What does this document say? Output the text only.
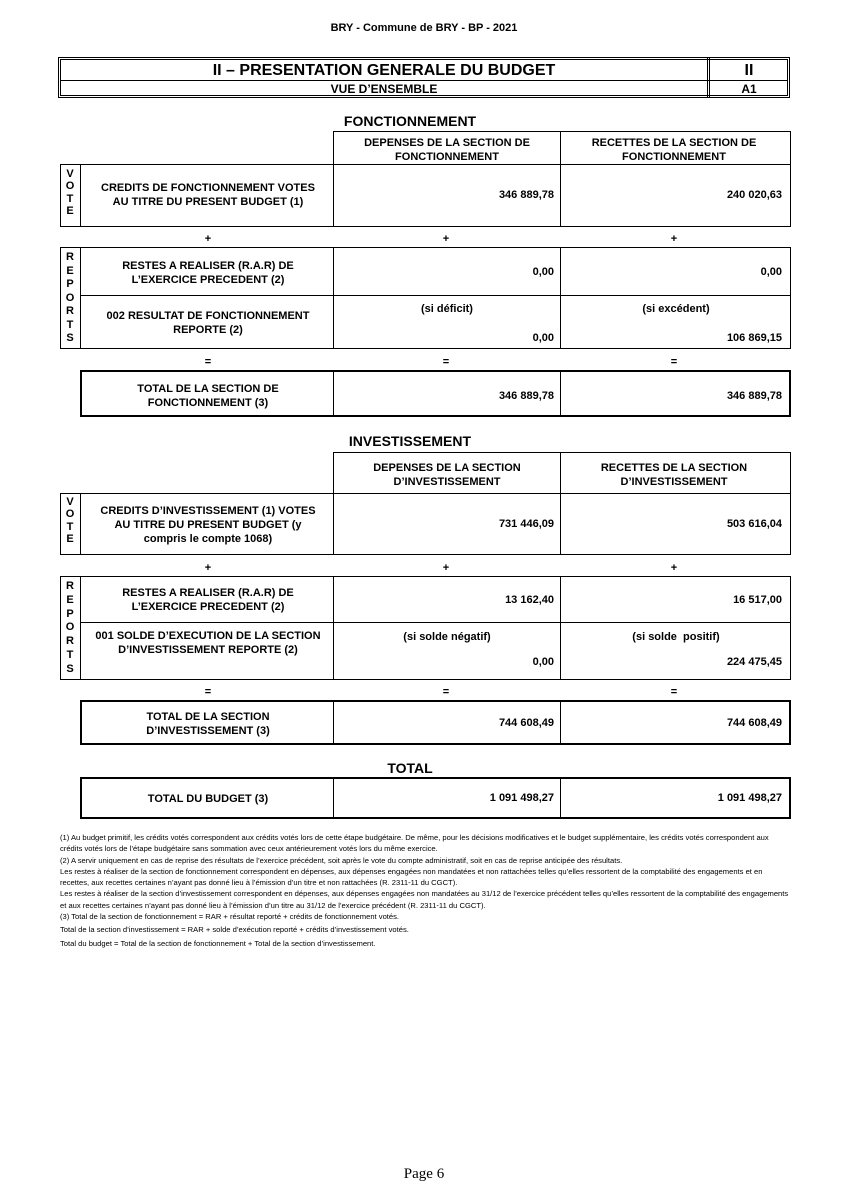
BRY - Commune de BRY - BP - 2021
II – PRESENTATION GENERALE DU BUDGET
VUE D’ENSEMBLE
II
A1
FONCTIONNEMENT
DEPENSES DE LA SECTION DE FONCTIONNEMENT
RECETTES DE LA SECTION DE FONCTIONNEMENT
V
O
T
E
CREDITS DE FONCTIONNEMENT VOTES AU TITRE DU PRESENT BUDGET (1)
346 889,78	240 020,63
+	+	+
R
E
P
O
R
T
S
RESTES A REALISER (R.A.R) DE L’EXERCICE PRECEDENT (2)
0,00	0,00
002 RESULTAT DE FONCTIONNEMENT REPORTE (2)
(si déficit)	(si excédent)
0,00	106 869,15
=	=	=
TOTAL DE LA SECTION DE FONCTIONNEMENT (3)
346 889,78	346 889,78
INVESTISSEMENT
DEPENSES DE LA SECTION D’INVESTISSEMENT
RECETTES DE LA SECTION D’INVESTISSEMENT
V
O
T
E
CREDITS D’INVESTISSEMENT (1) VOTES AU TITRE DU PRESENT BUDGET (y compris le compte 1068)
731 446,09	503 616,04
+	+	+
R
E
P
O
R
T
S
RESTES A REALISER (R.A.R) DE L’EXERCICE PRECEDENT (2)
13 162,40	16 517,00
001 SOLDE D’EXECUTION DE LA SECTION D’INVESTISSEMENT REPORTE (2)
(si solde négatif)	(si solde  positif)
0,00	224 475,45
=	=	=
TOTAL DE LA SECTION D’INVESTISSEMENT (3)
744 608,49	744 608,49
TOTAL
TOTAL DU BUDGET (3)	1 091 498,27	1 091 498,27

(1) Au budget primitif, les crédits votés correspondent aux crédits votés lors de cette étape budgétaire. De même, pour les décisions modificatives et le budget supplémentaire, les crédits votés correspondent aux crédits votés lors de l’étape budgétaire sans sommation avec ceux antérieurement votés lors du même exercice.

(2) A servir uniquement en cas de reprise des résultats de l’exercice précédent, soit après le vote du compte administratif, soit en cas de reprise anticipée des résultats.

Les restes à réaliser de la section de fonctionnement correspondent en dépenses, aux dépenses engagées non mandatées et non rattachées telles qu’elles ressortent de la comptabilité des engagements et en recettes, aux recettes certaines n’ayant pas donné lieu à l’émission d’un titre et non rattachées (R. 2311-11 du CGCT).

Les restes à réaliser de la section d’investissement correspondent en dépenses, aux dépenses engagées non mandatées au 31/12 de l’exercice précédent telles qu’elles ressortent de la comptabilité des engagements et aux recettes certaines n’ayant pas donné lieu à l’émission d’un titre au 31/12 de l’exercice précédent (R. 2311-11 du CGCT).

(3) Total de la section de fonctionnement = RAR + résultat reporté + crédits de fonctionnement votés.

Total de la section d’investissement = RAR + solde d’exécution reporté + crédits d’investissement votés.

Total du budget = Total de la section de fonctionnement + Total de la section d’investissement.

Page 6
